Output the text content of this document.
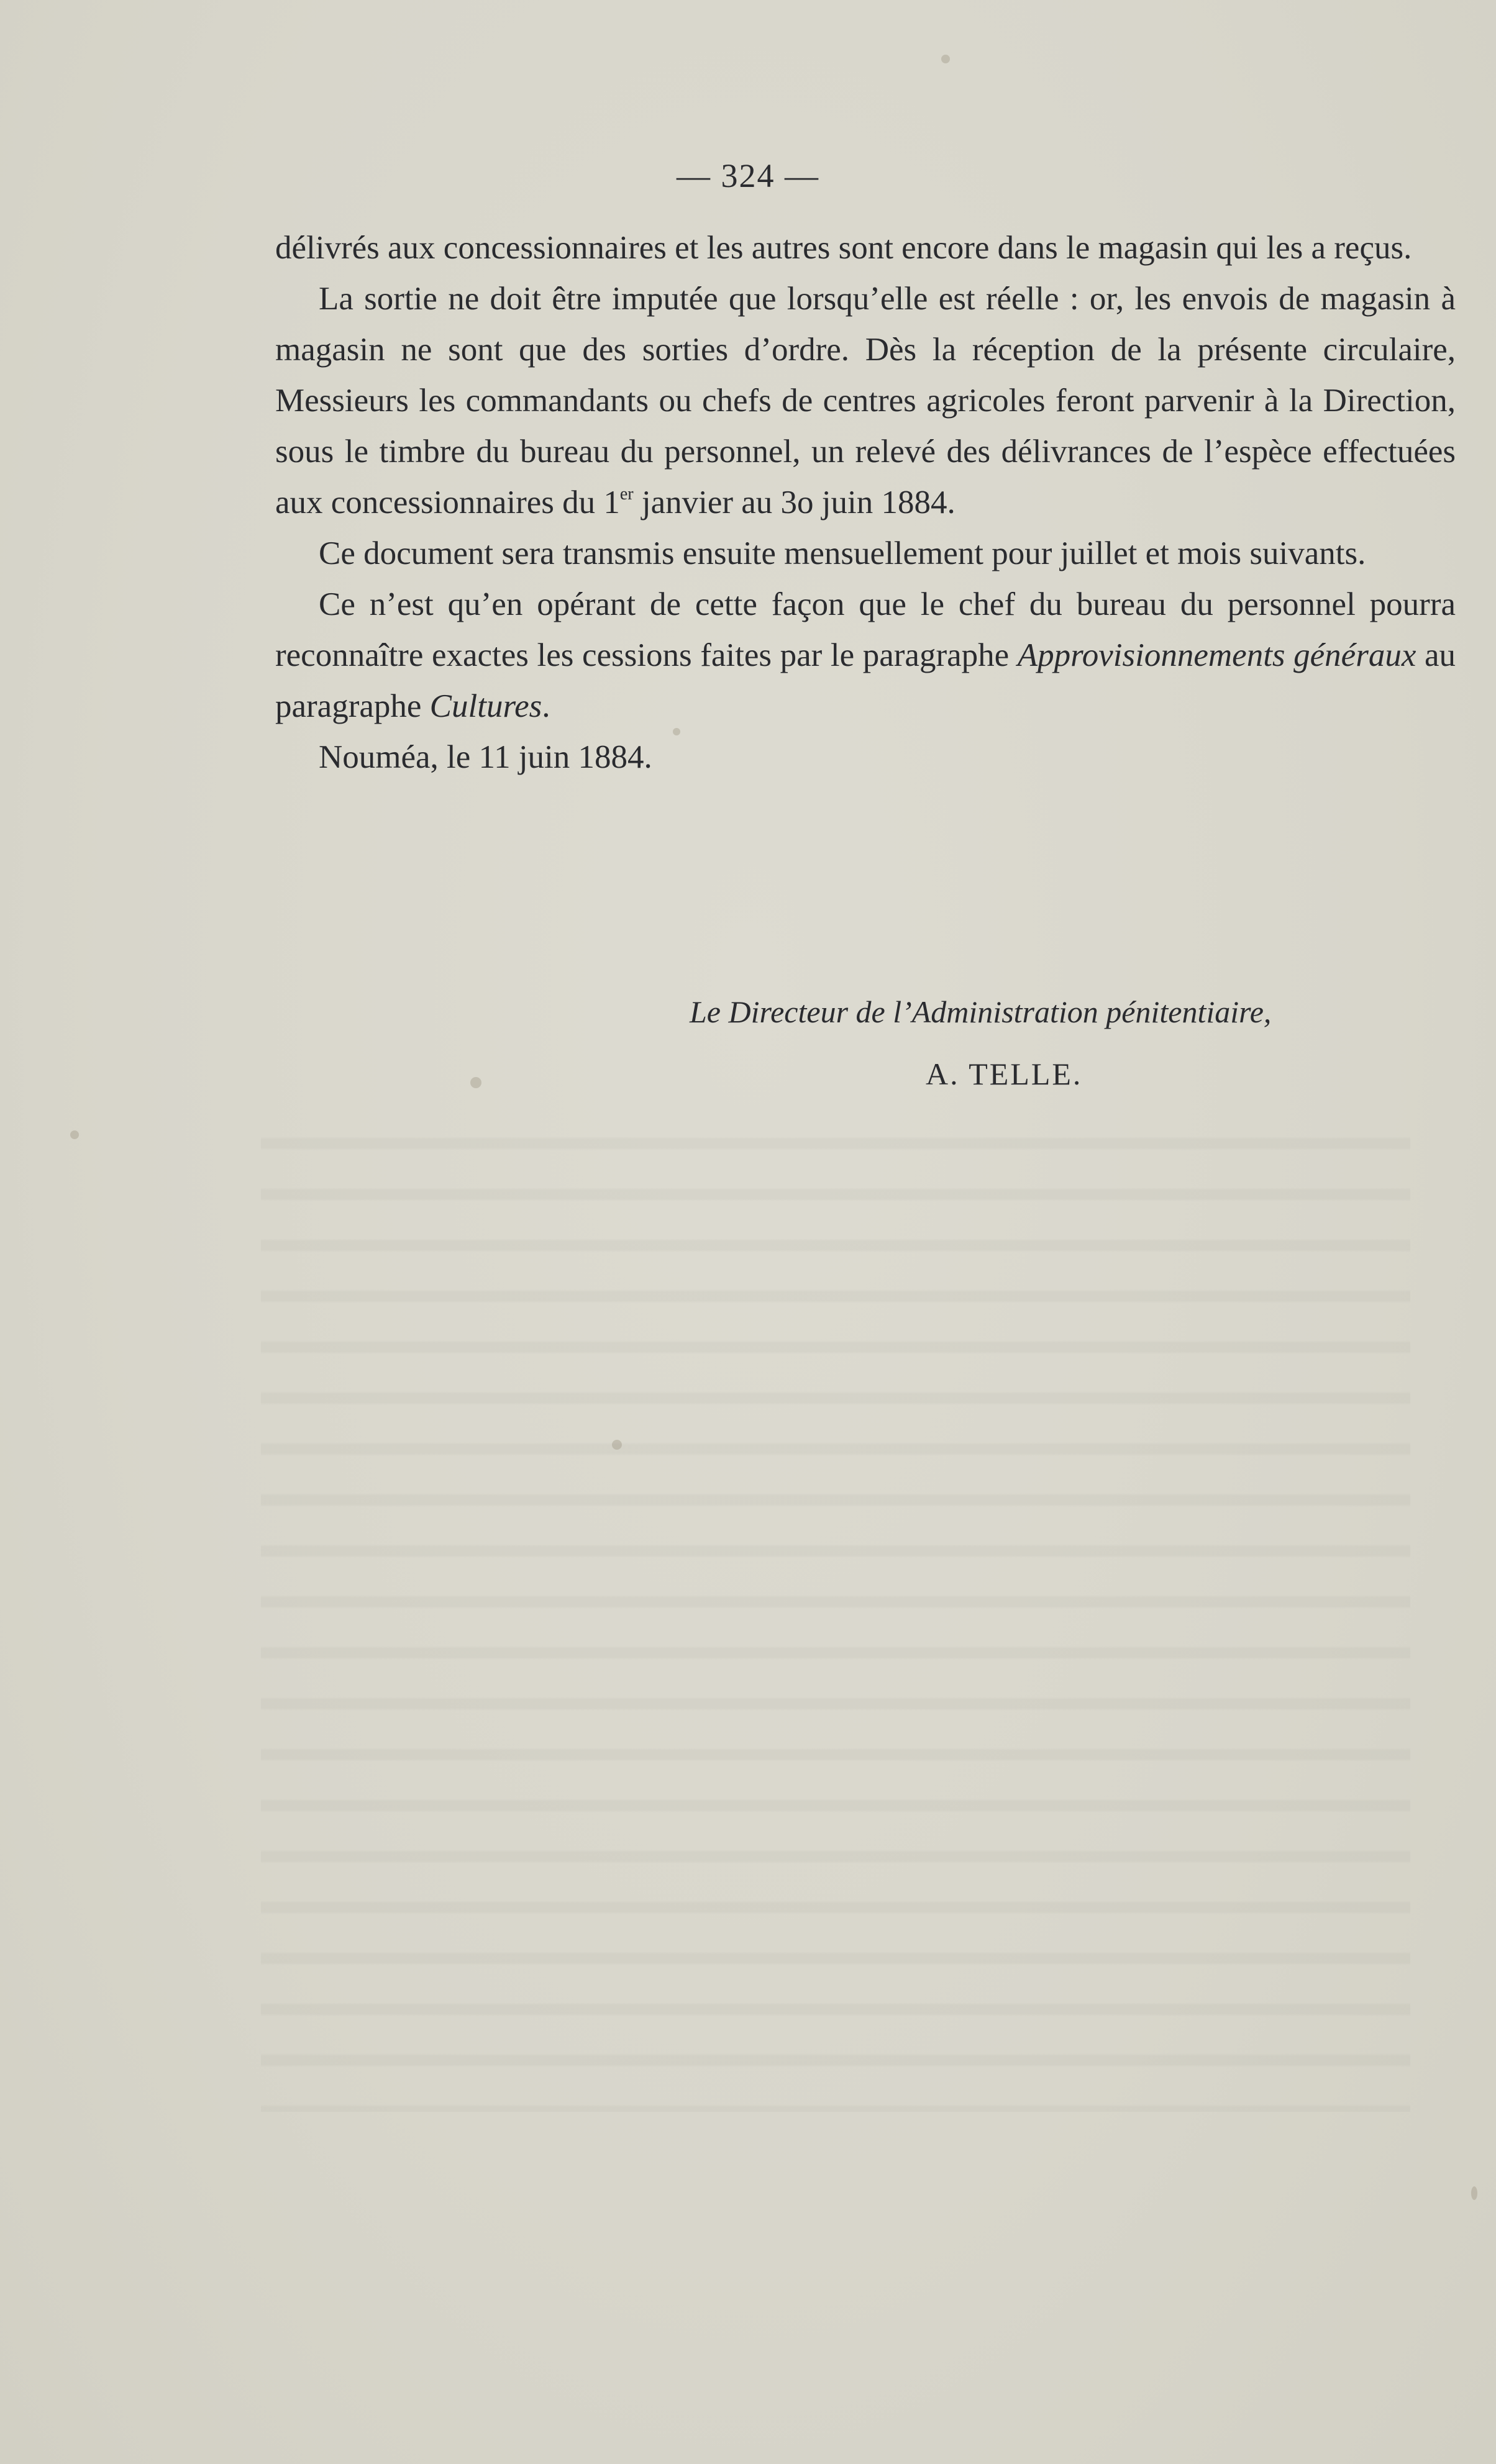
— 324 —

délivrés aux concessionnaires et les autres sont encore dans le magasin qui les a reçus.

La sortie ne doit être imputée que lorsqu’elle est réelle : or, les envois de magasin à magasin ne sont que des sorties d’ordre. Dès la réception de la présente circulaire, Messieurs les commandants ou chefs de centres agricoles feront parvenir à la Direction, sous le timbre du bureau du personnel, un relevé des délivrances de l’espèce effectuées aux concessionnaires du 1er janvier au 3o juin 1884.

Ce document sera transmis ensuite mensuellement pour juillet et mois suivants.

Ce n’est qu’en opérant de cette façon que le chef du bureau du personnel pourra reconnaître exactes les cessions faites par le paragraphe Approvisionnements généraux au paragraphe Cultures.

Nouméa, le 11 juin 1884.

Le Directeur de l’Administration pénitentiaire,
A. TELLE.
